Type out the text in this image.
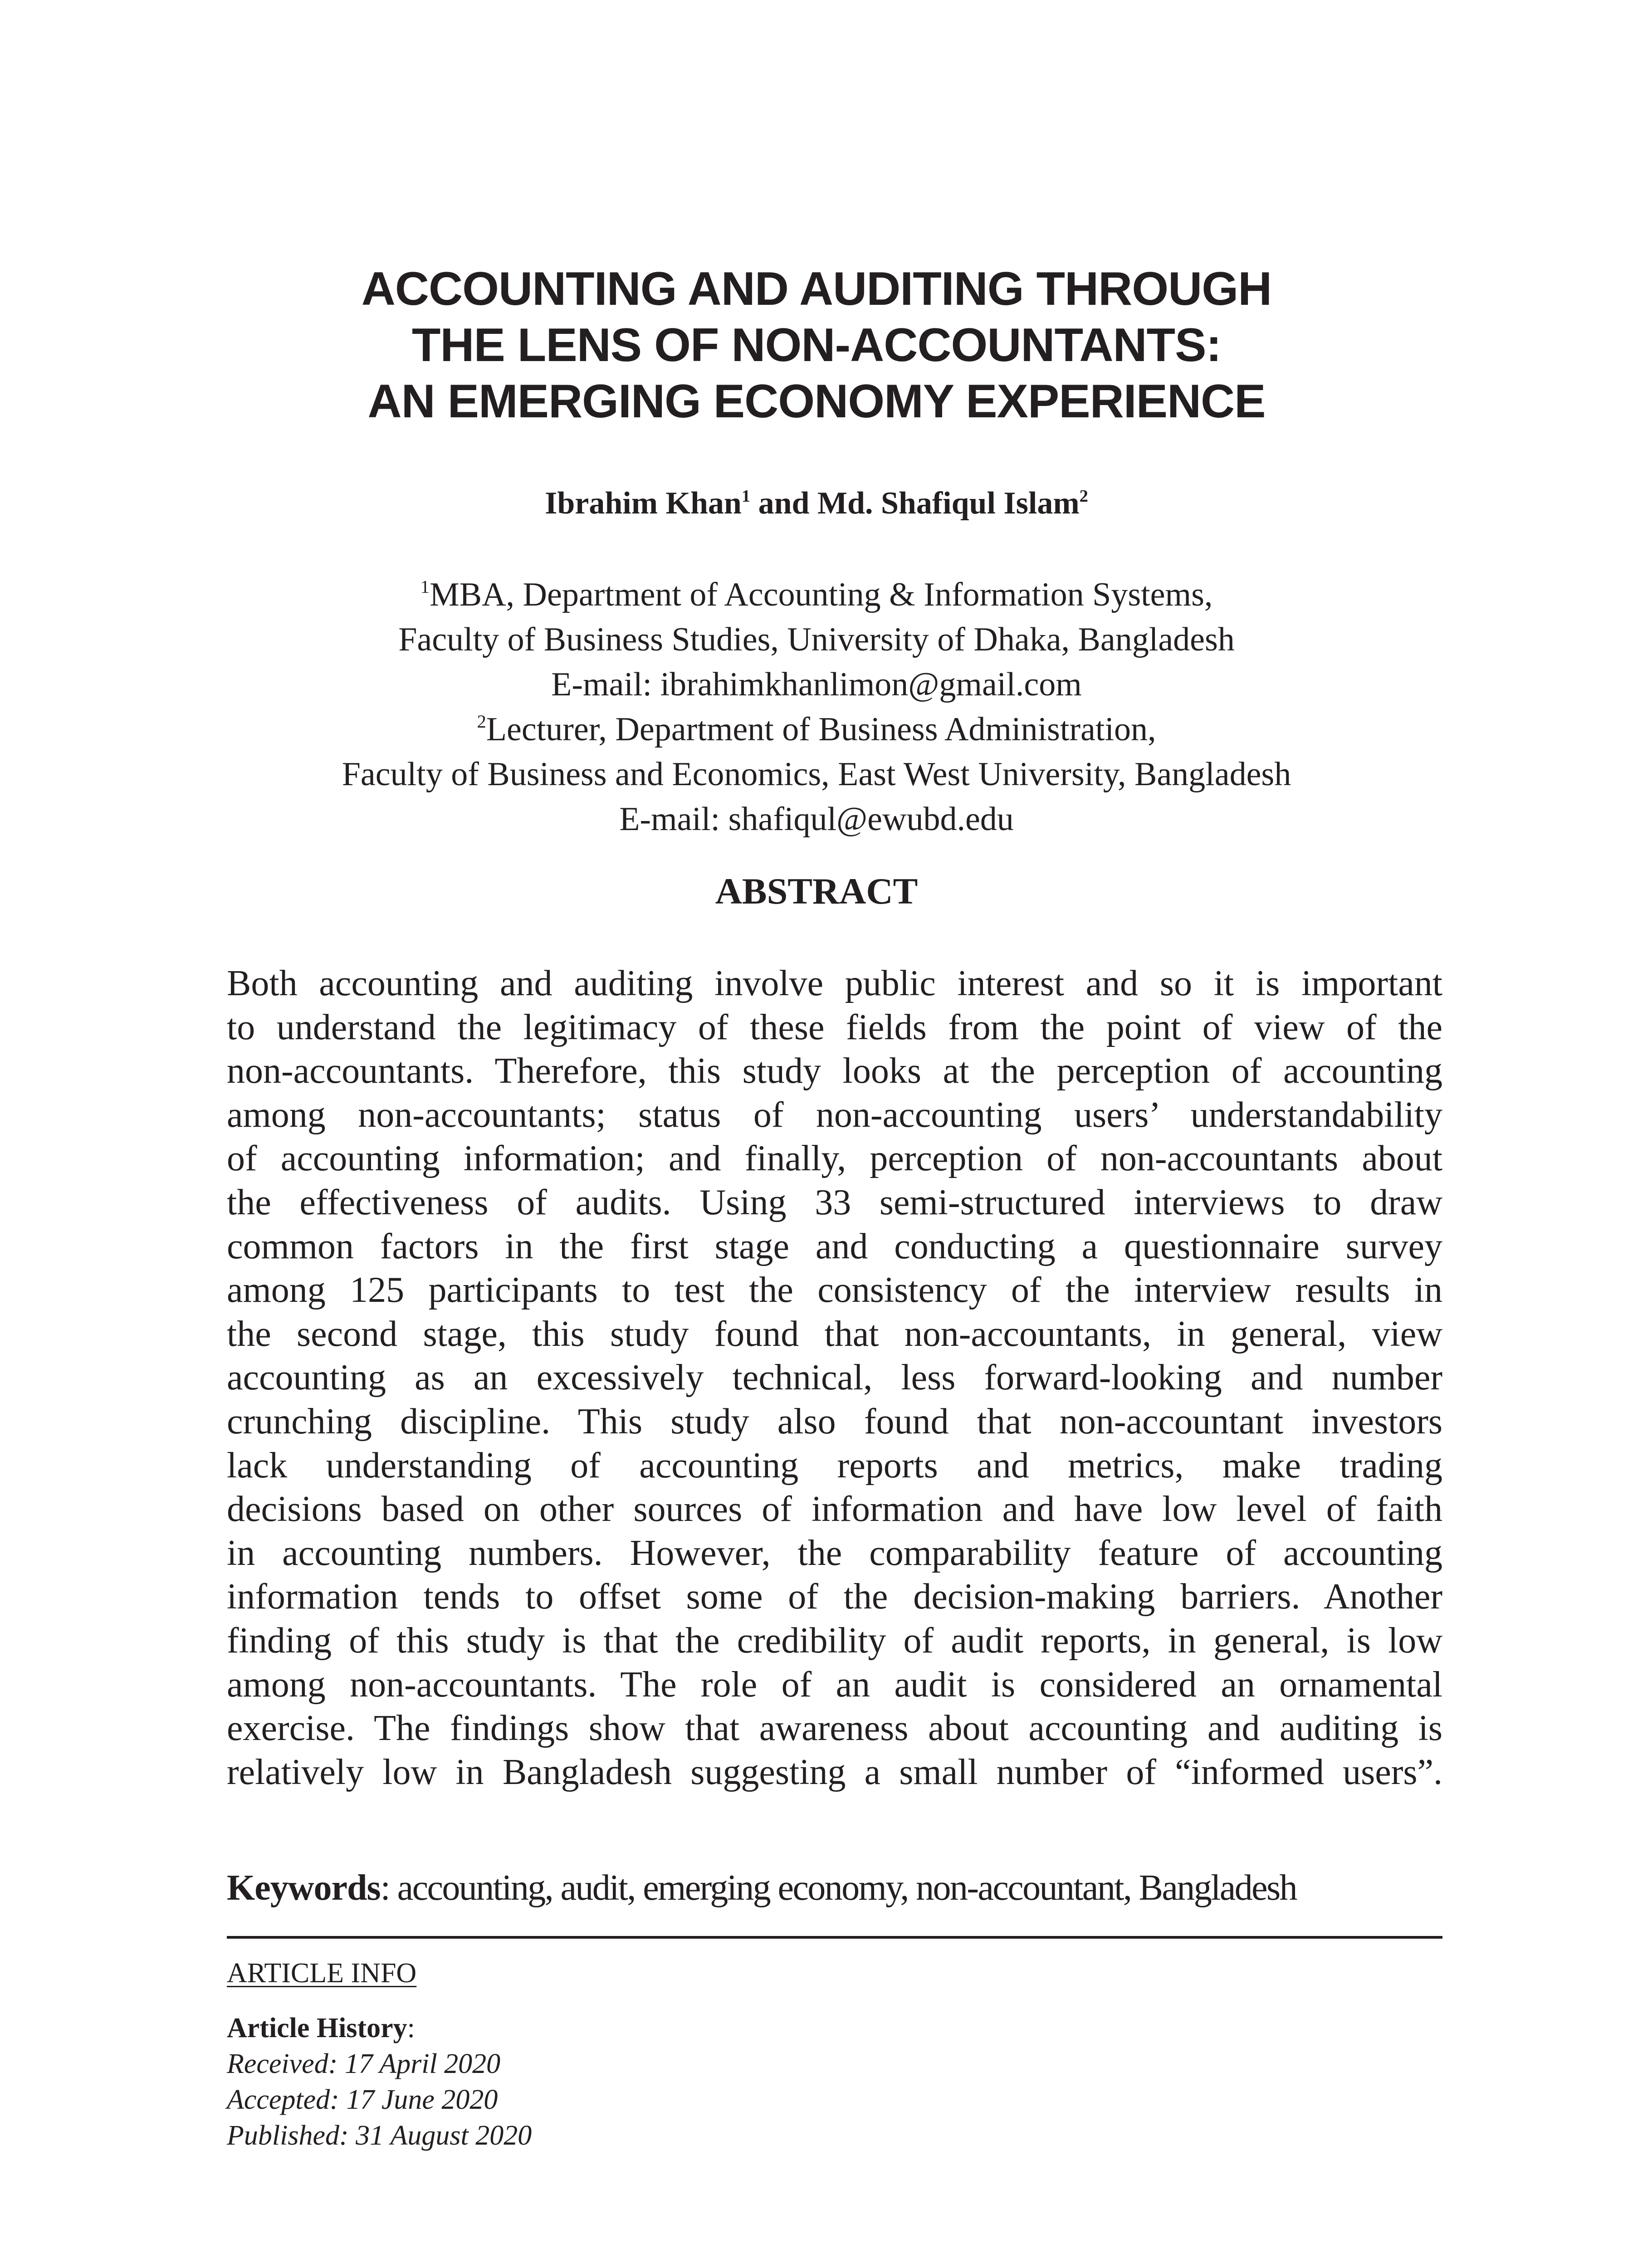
ACCOUNTING AND AUDITING THROUGH
THE LENS OF NON-ACCOUNTANTS:
AN EMERGING ECONOMY EXPERIENCE
Ibrahim Khan$^1$ and Md. Shafiqul Islam$^2$
$^1$MBA, Department of Accounting & Information Systems,
Faculty of Business Studies, University of Dhaka, Bangladesh
E-mail: ibrahimkhanlimon@gmail.com
$^2$Lecturer, Department of Business Administration,
Faculty of Business and Economics, East West University, Bangladesh
E-mail: shafiqul@ewubd.edu
ABSTRACT
Both accounting and auditing involve public interest and so it is important
to understand the legitimacy of these fields from the point of view of the
non-accountants. Therefore, this study looks at the perception of accounting
among non-accountants; status of non-accounting users’ understandability
of accounting information; and finally, perception of non-accountants about
the effectiveness of audits. Using 33 semi-structured interviews to draw
common factors in the first stage and conducting a questionnaire survey
among 125 participants to test the consistency of the interview results in
the second stage, this study found that non-accountants, in general, view
accounting as an excessively technical, less forward-looking and number
crunching discipline. This study also found that non-accountant investors
lack understanding of accounting reports and metrics, make trading
decisions based on other sources of information and have low level of faith
in accounting numbers. However, the comparability feature of accounting
information tends to offset some of the decision-making barriers. Another
finding of this study is that the credibility of audit reports, in general, is low
among non-accountants. The role of an audit is considered an ornamental
exercise. The findings show that awareness about accounting and auditing is
relatively low in Bangladesh suggesting a small number of “informed users”.
Keywords: accounting, audit, emerging economy, non-accountant, Bangladesh
ARTICLE INFO
Article History:
Received: 17 April 2020
Accepted: 17 June 2020
Published: 31 August 2020
